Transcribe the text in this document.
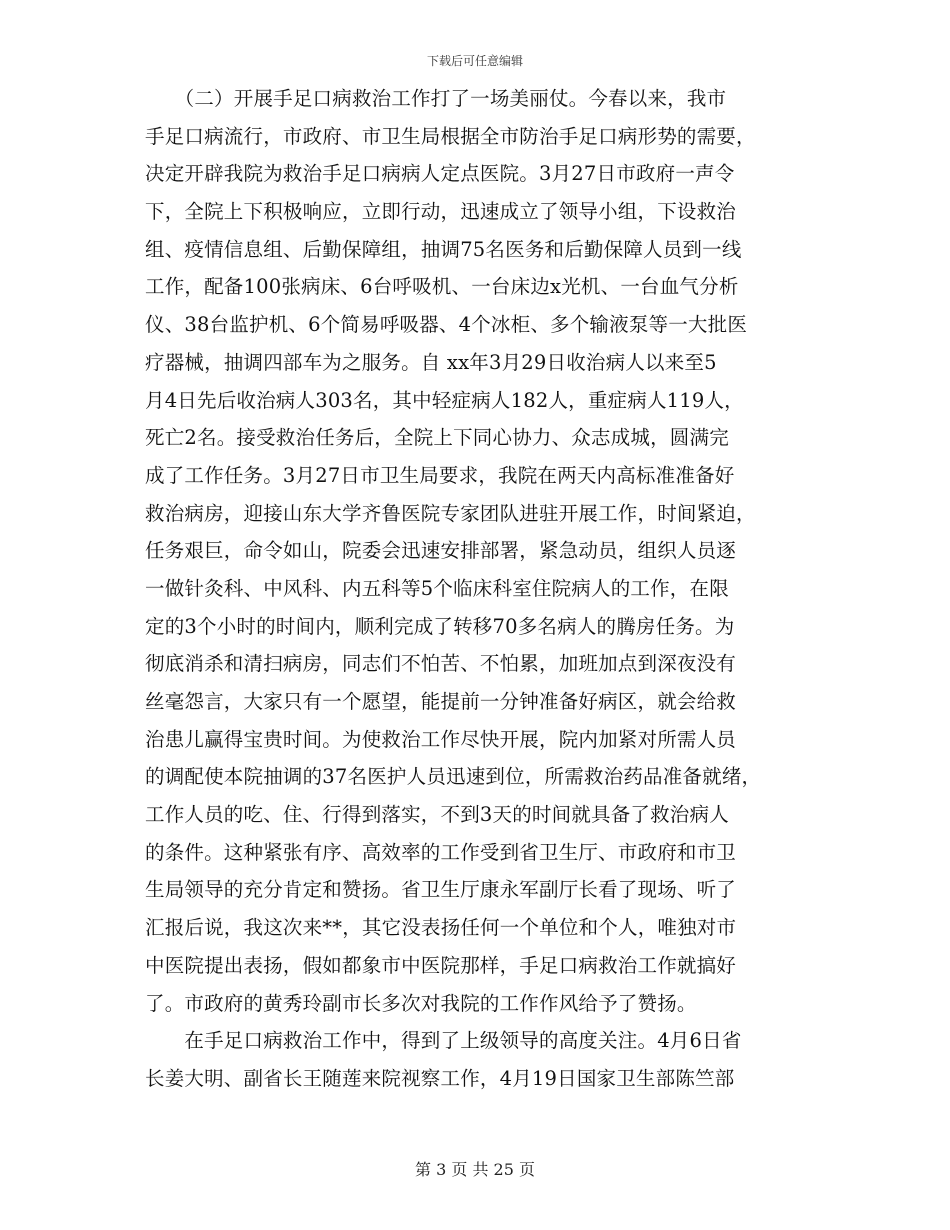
下载后可任意编辑
　　（二）开展手足口病救治工作打了一场美丽仗。今春以来，我市
手足口病流行，市政府、市卫生局根据全市防治手足口病形势的需要，
决定开辟我院为救治手足口病病人定点医院。3月27日市政府一声令
下，全院上下积极响应，立即行动，迅速成立了领导小组，下设救治
组、疫情信息组、后勤保障组，抽调75名医务和后勤保障人员到一线
工作，配备100张病床、6台呼吸机、一台床边x光机、一台血气分析
仪、38台监护机、6个简易呼吸器、4个冰柜、多个输液泵等一大批医
疗器械，抽调四部车为之服务。自 xx年3月29日收治病人以来至5
月4日先后收治病人303名，其中轻症病人182人，重症病人119人，
死亡2名。接受救治任务后，全院上下同心协力、众志成城，圆满完
成了工作任务。3月27日市卫生局要求，我院在两天内高标准准备好
救治病房，迎接山东大学齐鲁医院专家团队进驻开展工作，时间紧迫，
任务艰巨，命令如山，院委会迅速安排部署，紧急动员，组织人员逐
一做针灸科、中风科、内五科等5个临床科室住院病人的工作，在限
定的3个小时的时间内，顺利完成了转移70多名病人的腾房任务。为
彻底消杀和清扫病房，同志们不怕苦、不怕累，加班加点到深夜没有
丝毫怨言，大家只有一个愿望，能提前一分钟准备好病区，就会给救
治患儿赢得宝贵时间。为使救治工作尽快开展，院内加紧对所需人员
的调配使本院抽调的37名医护人员迅速到位，所需救治药品准备就绪，
工作人员的吃、住、行得到落实，不到3天的时间就具备了救治病人
的条件。这种紧张有序、高效率的工作受到省卫生厅、市政府和市卫
生局领导的充分肯定和赞扬。省卫生厅康永军副厅长看了现场、听了
汇报后说，我这次来**，其它没表扬任何一个单位和个人，唯独对市
中医院提出表扬，假如都象市中医院那样，手足口病救治工作就搞好
了。市政府的黄秀玲副市长多次对我院的工作作风给予了赞扬。
　　在手足口病救治工作中，得到了上级领导的高度关注。4月6日省
长姜大明、副省长王随莲来院视察工作，4月19日国家卫生部陈竺部
第 3 页 共 25 页
